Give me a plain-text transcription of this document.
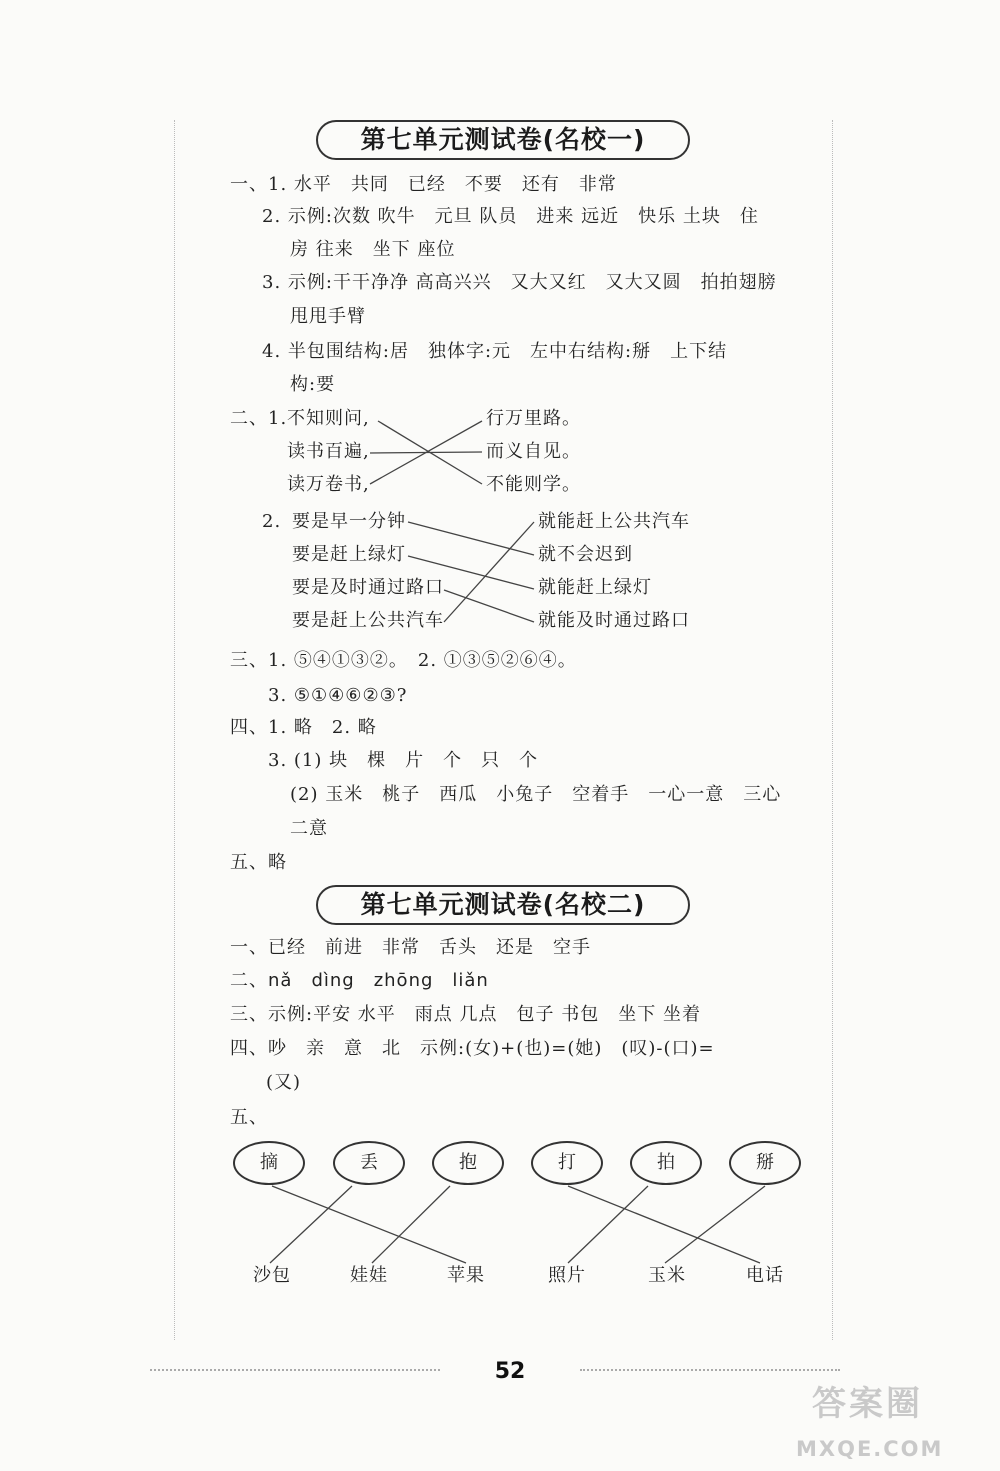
第七单元测试卷(名校一)
一、1. 水平　共同　已经　不要　还有　非常
2. 示例:次数 吹牛　元旦 队员　进来 远近　快乐 土块　住
房 往来　坐下 座位
3. 示例:干干净净 高高兴兴　又大又红　又大又圆　拍拍翅膀
甩甩手臂
4. 半包围结构:居　独体字:元　左中右结构:掰　上下结
构:要
二、1. 不知则问,
读书百遍,
读万卷书,
行万里路。
而义自见。
不能则学。
2. 要是早一分钟
要是赶上绿灯
要是及时通过路口
要是赶上公共汽车
就能赶上公共汽车
就不会迟到
就能赶上绿灯
就能及时通过路口
三、1. ⑤④①③②。　2. ①③⑤②⑥④。
3. ⑤①④⑥②③?
四、1. 略　2. 略
3. (1) 块　棵　片　个　只　个
(2) 玉米　桃子　西瓜　小兔子　空着手　一心一意　三心
二意
五、略
第七单元测试卷(名校二)
一、已经　前进　非常　舌头　还是　空手
二、nǎ　dìng　zhōng　liǎn
三、示例:平安 水平　雨点 几点　包子 书包　坐下 坐着
四、吵　亲　意　北　示例:(女)+(也)=(她)　(叹)-(口)=
(又)
五、
摘	丢	抱	打	拍	掰
沙包	娃娃	苹果	照片	玉米	电话
52
答案圈
MXQE.COM
